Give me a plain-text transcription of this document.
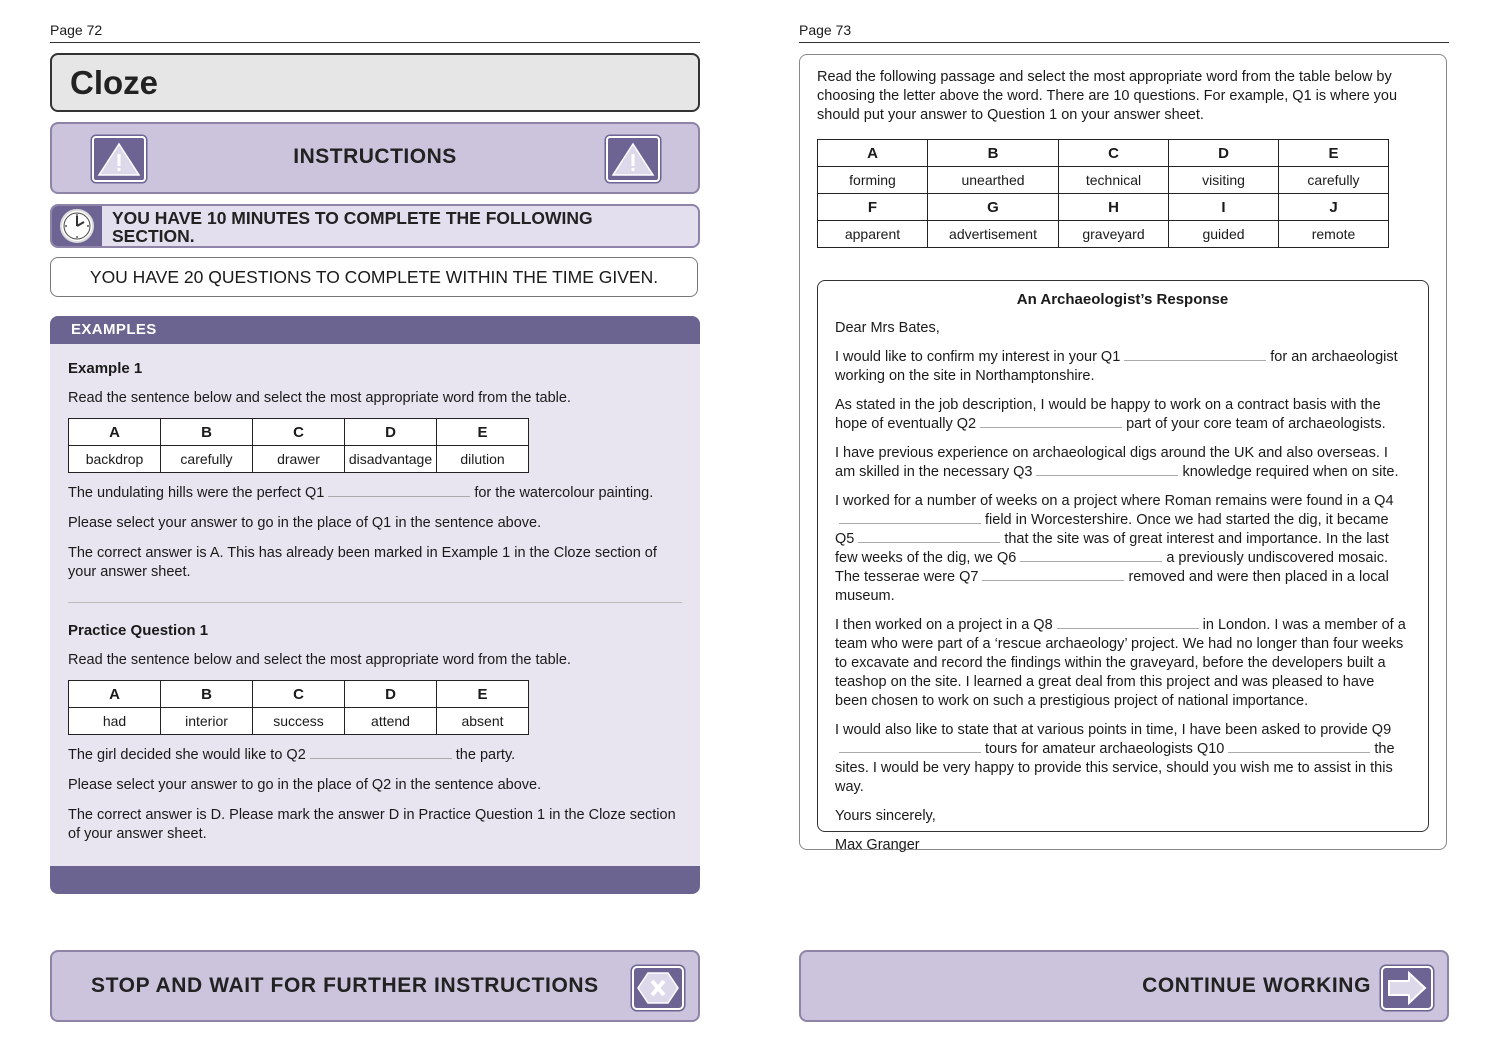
Page 72
Cloze
INSTRUCTIONS
YOU HAVE 10 MINUTES TO COMPLETE THE FOLLOWING SECTION.
YOU HAVE 20 QUESTIONS TO COMPLETE WITHIN THE TIME GIVEN.
EXAMPLES

Example 1

Read the sentence below and select the most appropriate word from the table.

A	B	C	D	E
backdrop	carefully	drawer	disadvantage	dilution

The undulating hills were the perfect Q1	for the watercolour painting.

Please select your answer to go in the place of Q1 in the sentence above.

The correct answer is A. This has already been marked in Example 1 in the Cloze section of your answer sheet.

Practice Question 1

Read the sentence below and select the most appropriate word from the table.

A	B	C	D	E
had	interior	success	attend	absent

The girl decided she would like to Q2	the party.

Please select your answer to go in the place of Q2 in the sentence above.

The correct answer is D. Please mark the answer D in Practice Question 1 in the Cloze section of your answer sheet.

STOP AND WAIT FOR FURTHER INSTRUCTIONS
Page 73
Read the following passage and select the most appropriate word from the table below by choosing the letter above the word. There are 10 questions. For example, Q1 is where you should put your answer to Question 1 on your answer sheet.
A	B	C	D	E
forming	unearthed	technical	visiting	carefully
F	G	H	I	J
apparent	advertisement	graveyard	guided	remote

An Archaeologist’s Response

Dear Mrs Bates,

I would like to confirm my interest in your Q1	for an archaeologist working on the site in Northamptonshire.

As stated in the job description, I would be happy to work on a contract basis with the hope of eventually Q2	part of your core team of archaeologists.

I have previous experience on archaeological digs around the UK and also overseas. I am skilled in the necessary Q3	knowledge required when on site.

I worked for a number of weeks on a project where Roman remains were found in a Q4field in Worcestershire. Once we had started the dig, it became Q5	that the site was of great interest and importance. In the last few weeks of the dig, we Q6	a previously undiscovered mosaic. The tesserae were Q7	removed and were then placed in a local museum.

I then worked on a project in a Q8	in London. I was a member of a team who were part of a ‘rescue archaeology’ project. We had no longer than four weeks to excavate and record the findings within the graveyard, before the developers built a teashop on the site. I learned a great deal from this project and was pleased to have been chosen to work on such a prestigious project of national importance.

I would also like to state that at various points in time, I have been asked to provide Q9tours for amateur archaeologists Q10	the sites. I would be very happy to provide this service, should you wish me to assist in this way.

Yours sincerely,

Max Granger

CONTINUE WORKING
